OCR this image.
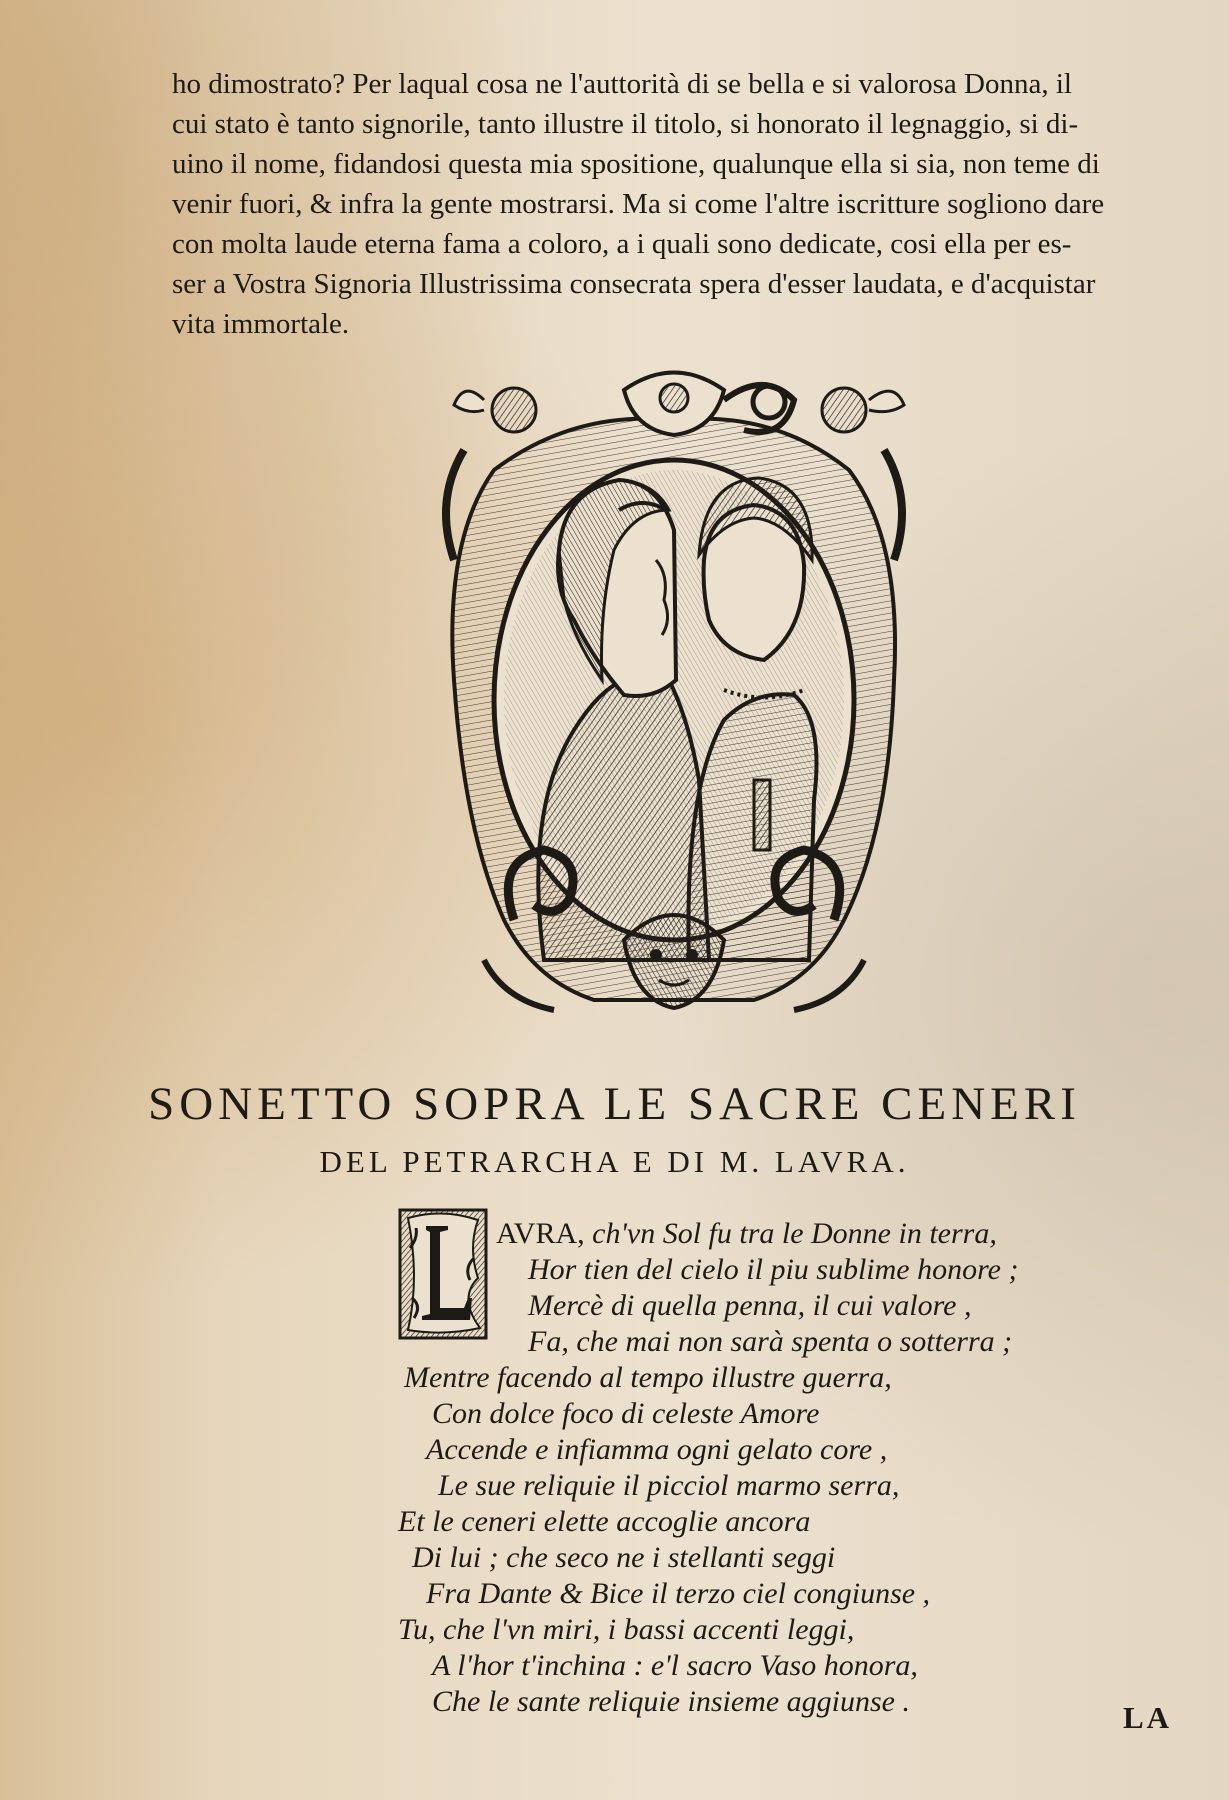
ho dimostrato? Per laqual cosa ne l'auttorità di se bella e si valorosa Donna, il
cui stato è tanto signorile, tanto illustre il titolo, si honorato il legnaggio, si di-
uino il nome, fidandosi questa mia spositione, qualunque ella si sia, non teme di
venir fuori, & infra la gente mostrarsi. Ma si come l'altre iscritture sogliono dare
con molta laude eterna fama a coloro, a i quali sono dedicate, cosi ella per es-
ser a Vostra Signoria Illustrissima consecrata spera d'esser laudata, e d'acquistar
vita immortale.
SONETTO SOPRA LE SACRE CENERI
DEL PETRARCHA E DI M. LAVRA.
AVRA, ch'vn Sol fu tra le Donne in terra,
Hor tien del cielo il piu sublime honore ;
Mercè di quella penna, il cui valore ,
Fa, che mai non sarà spenta o sotterra ;
Mentre facendo al tempo illustre guerra,
Con dolce foco di celeste Amore
Accende e infiamma ogni gelato core ,
Le sue reliquie il picciol marmo serra,
Et le ceneri elette accoglie ancora
Di lui ; che seco ne i stellanti seggi
Fra Dante & Bice il terzo ciel congiunse ,
Tu, che l'vn miri, i bassi accenti leggi,
A l'hor t'inchina : e'l sacro Vaso honora,
Che le sante reliquie insieme aggiunse .	LA
